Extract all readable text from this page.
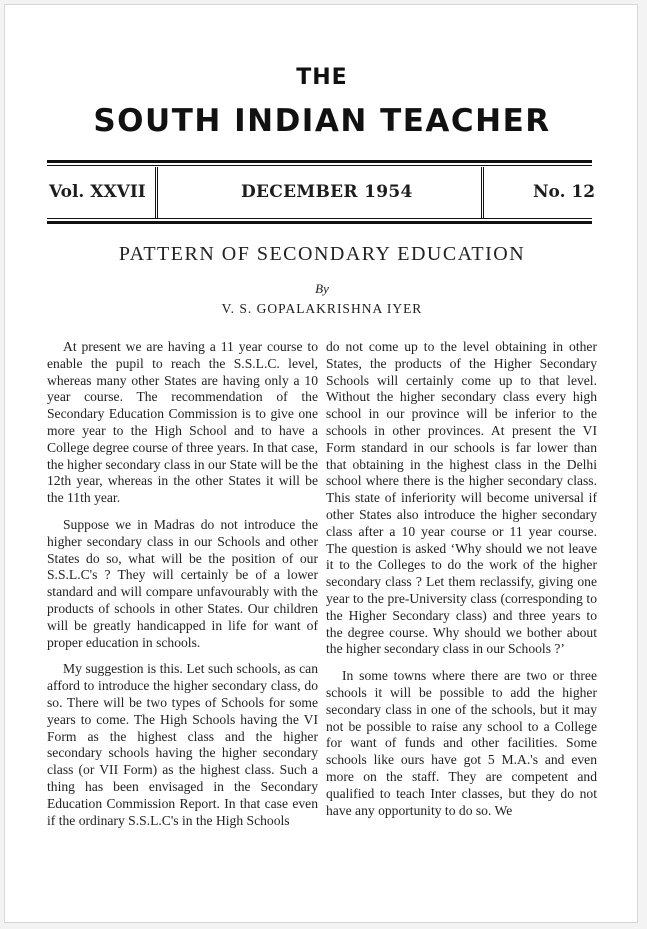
THE
SOUTH INDIAN TEACHER
Vol. XXVII	DECEMBER 1954	No. 12
PATTERN OF SECONDARY EDUCATION
By
V. S. GOPALAKRISHNA IYER

At present we are having a 11 year course to enable the pupil to reach the S.S.L.C. level, whereas many other States are having only a 10 year course. The recommendation of the Secondary Education Commission is to give one more year to the High School and to have a College degree course of three years. In that case, the higher secondary class in our State will be the 12th year, whereas in the other States it will be the 11th year.

Suppose we in Madras do not introduce the higher secondary class in our Schools and other States do so, what will be the position of our S.S.L.C's ? They will certainly be of a lower standard and will compare unfavourably with the products of schools in other States. Our children will be greatly handicapped in life for want of proper education in schools.

My suggestion is this. Let such schools, as can afford to introduce the higher secondary class, do so. There will be two types of Schools for some years to come. The High Schools having the VI Form as the highest class and the higher secondary schools having the higher secondary class (or VII Form) as the highest class. Such a thing has been envisaged in the Secondary Education Commission Report. In that case even if the ordinary S.S.L.C's in the High Schools

do not come up to the level obtaining in other States, the products of the Higher Secondary Schools will certainly come up to that level. Without the higher secondary class every high school in our province will be inferior to the schools in other provinces. At present the VI Form standard in our schools is far lower than that obtaining in the highest class in the Delhi school where there is the higher secondary class. This state of inferiority will become universal if other States also introduce the higher secondary class after a 10 year course or 11 year course. The question is asked ‘Why should we not leave it to the Colleges to do the work of the higher secondary class ? Let them reclassify, giving one year to the pre-University class (corresponding to the Higher Secondary class) and three years to the degree course. Why should we bother about the higher secondary class in our Schools ?’

In some towns where there are two or three schools it will be possible to add the higher secondary class in one of the schools, but it may not be possible to raise any school to a College for want of funds and other facilities. Some schools like ours have got 5 M.A.'s and even more on the staff. They are competent and qualified to teach Inter classes, but they do not have any opportunity to do so. We
